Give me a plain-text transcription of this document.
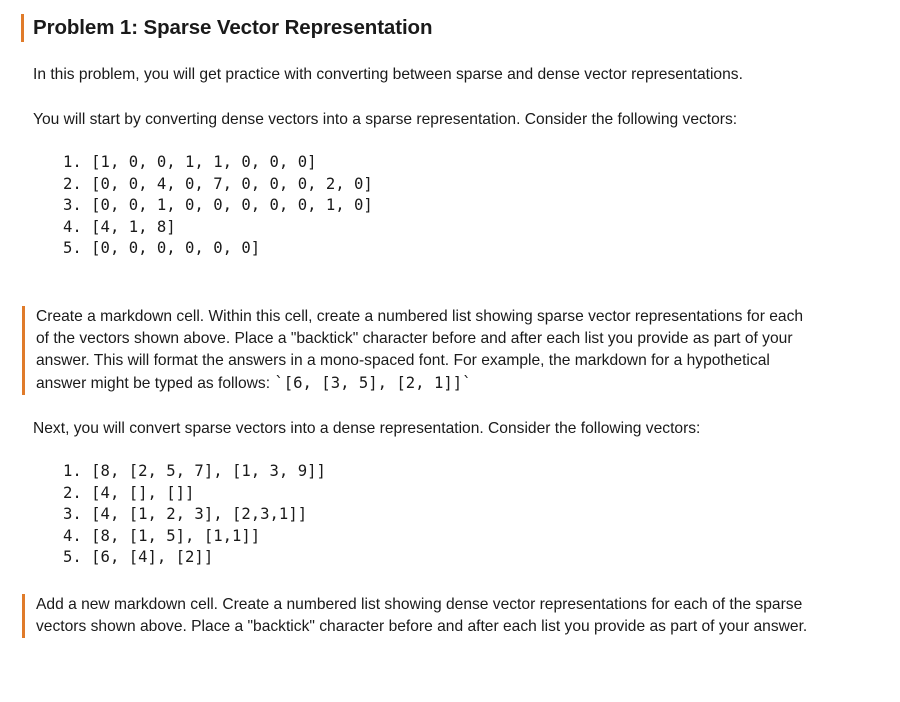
Problem 1: Sparse Vector Representation

In this problem, you will get practice with converting between sparse and dense vector representations.

You will start by converting dense vectors into a sparse representation. Consider the following vectors:

1. [1, 0, 0, 1, 1, 0, 0, 0]
2. [0, 0, 4, 0, 7, 0, 0, 0, 2, 0]
3. [0, 0, 1, 0, 0, 0, 0, 0, 1, 0]
4. [4, 1, 8]
5. [0, 0, 0, 0, 0, 0]

Create a markdown cell. Within this cell, create a numbered list showing sparse vector representations for each

of the vectors shown above. Place a "backtick" character before and after each list you provide as part of your

answer. This will format the answers in a mono-spaced font. For example, the markdown for a hypothetical

answer might be typed as follows: `[6, [3, 5], [2, 1]]`

Next, you will convert sparse vectors into a dense representation. Consider the following vectors:

1. [8, [2, 5, 7], [1, 3, 9]]
2. [4, [], []]
3. [4, [1, 2, 3], [2,3,1]]
4. [8, [1, 5], [1,1]]
5. [6, [4], [2]]

Add a new markdown cell. Create a numbered list showing dense vector representations for each of the sparse

vectors shown above. Place a "backtick" character before and after each list you provide as part of your answer.
